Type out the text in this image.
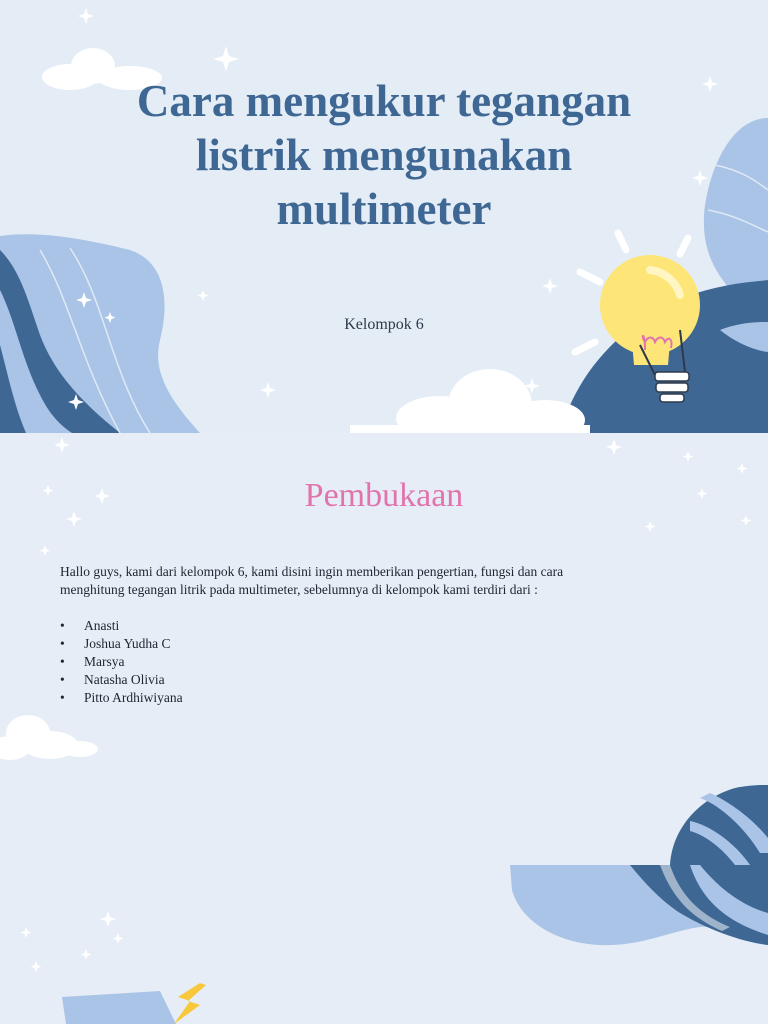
Cara mengukur tegangan
listrik mengunakan
multimeter

Kelompok 6

Pembukaan

Hallo guys, kami dari kelompok 6, kami disini ingin memberikan pengertian, fungsi dan cara menghitung tegangan litrik pada multimeter, sebelumnya di kelompok kami terdiri dari :

• Anasti
• Joshua Yudha C
• Marsya
• Natasha Olivia
• Pitto Ardhiwiyana
